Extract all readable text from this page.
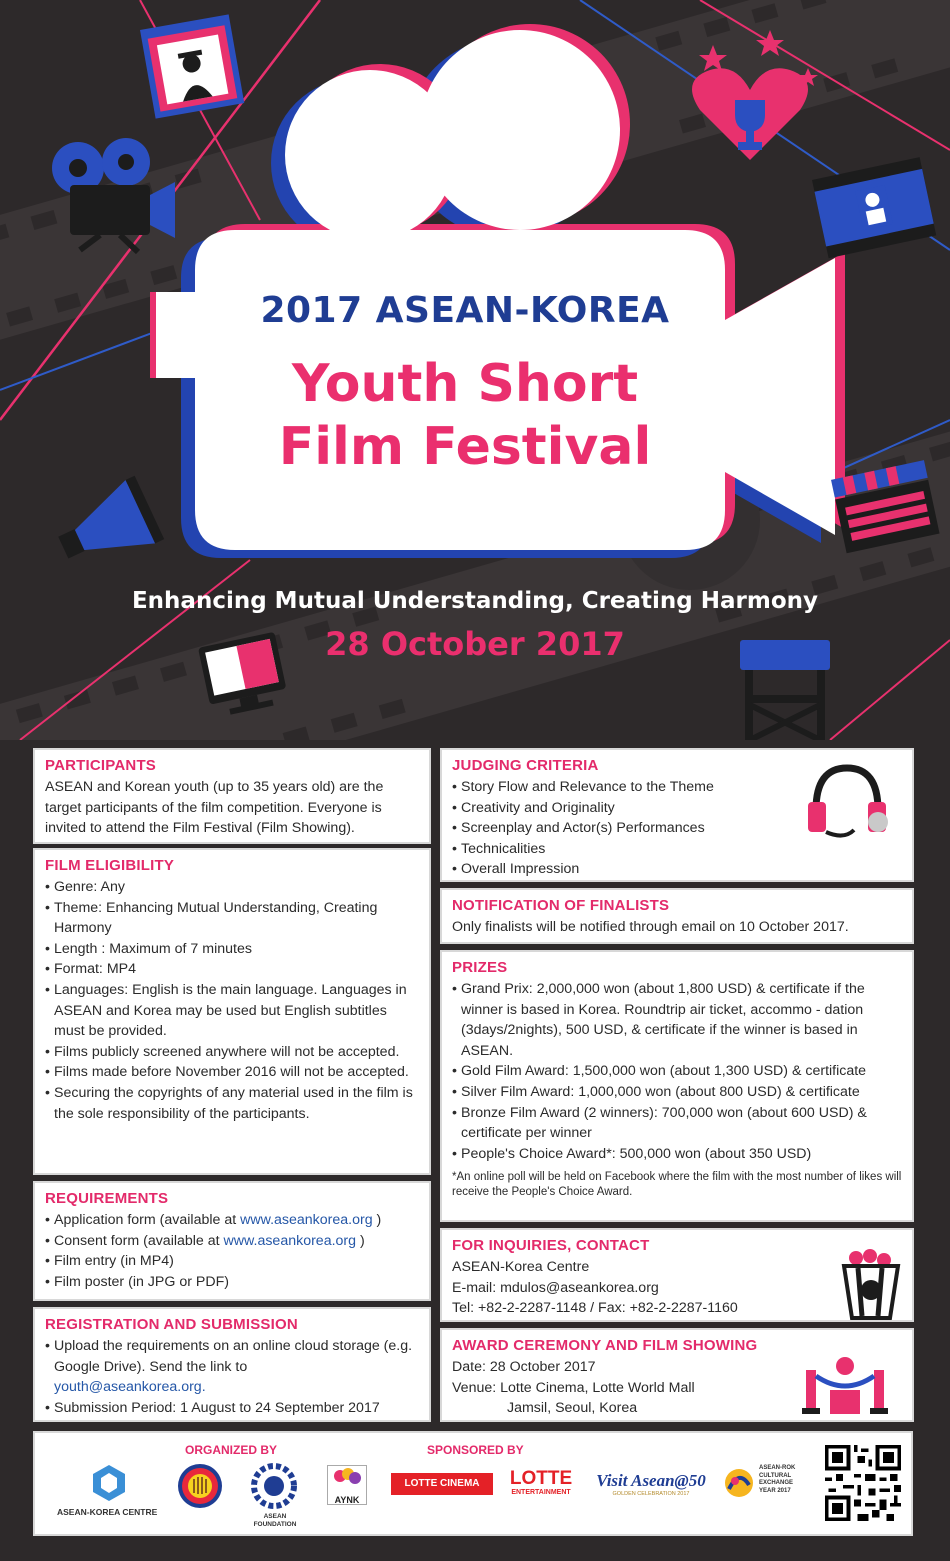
2017 ASEAN-KOREA
Youth Short
Film Festival
Enhancing Mutual Understanding, Creating Harmony
28 October 2017
PARTICIPANTS

ASEAN and Korean youth (up to 35 years old) are the target participants of the film competition. Everyone is invited to attend the Film Festival (Film Showing).

FILM ELIGIBILITY
• Genre: Any
• Theme: Enhancing Mutual Understanding, Creating Harmony
• Length : Maximum of 7 minutes
• Format: MP4
• Languages: English is the main language. Languages in ASEAN and Korea may be used but English subtitles must be provided.
• Films publicly screened anywhere will not be accepted.
• Films made before November 2016 will not be accepted.
• Securing the copyrights of any material used in the film is the sole responsibility of the participants.
REQUIREMENTS
• Application form (available at www.aseankorea.org )
• Consent form (available at www.aseankorea.org )
• Film entry (in MP4)
• Film poster (in JPG or PDF)
REGISTRATION AND SUBMISSION
• Upload the requirements on an online cloud storage (e.g. Google Drive). Send the link to
youth@aseankorea.org.
• Submission Period: 1 August to 24 September 2017
JUDGING CRITERIA
• Story Flow and Relevance to the Theme
• Creativity and Originality
• Screenplay and Actor(s) Performances
• Technicalities
• Overall Impression
NOTIFICATION OF FINALISTS

Only finalists will be notified through email on 10 October 2017.

PRIZES
• Grand Prix: 2,000,000 won (about 1,800 USD) & certificate if the winner is based in Korea. Roundtrip air ticket, accommo - dation (3days/2nights), 500 USD, & certificate if the winner is based in ASEAN.
• Gold Film Award: 1,500,000 won (about 1,300 USD) & certificate
• Silver Film Award: 1,000,000 won (about 800 USD) & certificate
• Bronze Film Award (2 winners): 700,000 won (about 600 USD) & certificate per winner
• People's Choice Award*: 500,000 won (about 350 USD)

*An online poll will be held on Facebook where the film with the most number of likes will receive the People's Choice Award.

FOR INQUIRIES, CONTACT

ASEAN-Korea Centre

E-mail: mdulos@aseankorea.org

Tel: +82-2-2287-1148 / Fax: +82-2-2287-1160

AWARD CEREMONY AND FILM SHOWING

Date: 28 October 2017

Venue: Lotte Cinema, Lotte World Mall

Jamsil, Seoul, Korea

ORGANIZED BY	SPONSORED BY
ASEAN-KOREA CENTRE	ASEAN FOUNDATION
AYNK
LOTTE CINEMA	LOTTE
ENTERTAINMENT
Visit Asean@50
GOLDEN CELEBRATION 2017
ASEAN-ROK CULTURAL EXCHANGE YEAR 2017
